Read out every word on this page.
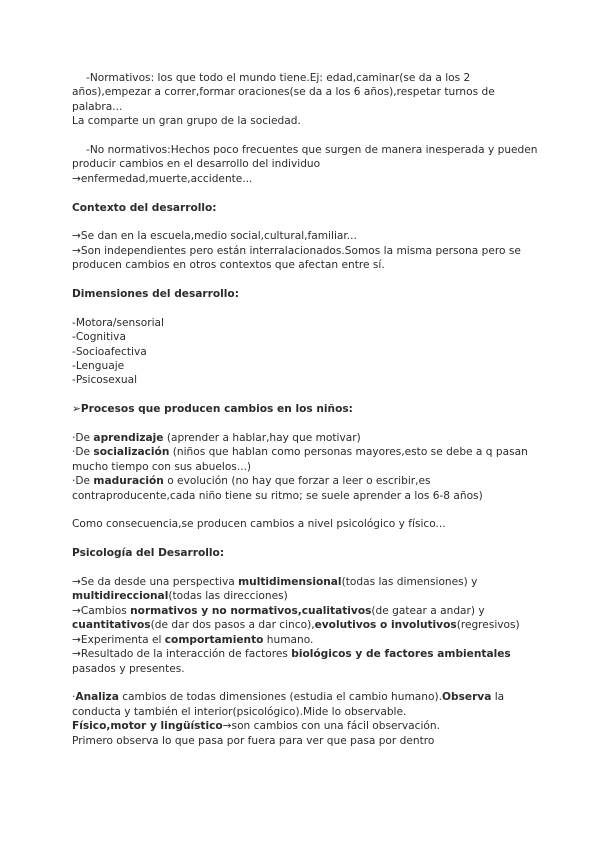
-Normativos: los que todo el mundo tiene.Ej: edad,caminar(se da a los 2 años),empezar a correr,formar oraciones(se da a los 6 años),respetar turnos de palabra...

La comparte un gran grupo de la sociedad.

-No normativos:Hechos poco frecuentes que surgen de manera inesperada y pueden producir cambios en el desarrollo del individuo

→enfermedad,muerte,accidente...

Contexto del desarrollo:

→Se dan en la escuela,medio social,cultural,familiar...

→Son independientes pero están interralacionados.Somos la misma persona pero se producen cambios en otros contextos que afectan entre sí.

Dimensiones del desarrollo:

-Motora/sensorial

-Cognitiva

-Socioafectiva

-Lenguaje

-Psicosexual

➢Procesos que producen cambios en los niños:

·De aprendizaje (aprender a hablar,hay que motivar)

·De socialización (niños que hablan como personas mayores,esto se debe a q pasan mucho tiempo con sus abuelos...)

·De maduración o evolución (no hay que forzar a leer o escribir,es contraproducente,cada niño tiene su ritmo; se suele aprender a los 6-8 años)

Como consecuencia,se producen cambios a nivel psicológico y físico...

Psicología del Desarrollo:

→Se da desde una perspectiva multidimensional(todas las dimensiones) y multidireccional(todas las direcciones)

→Cambios normativos y no normativos,cualitativos(de gatear a andar) y cuantitativos(de dar dos pasos a dar cinco),evolutivos o involutivos(regresivos)

→Experimenta el comportamiento humano.

→Resultado de la interacción de factores biológicos y de factores ambientales pasados y presentes.

·Analiza cambios de todas dimensiones (estudia el cambio humano).Observa la conducta y también el interior(psicológico).Mide lo observable.

Físico,motor y lingüístico→son cambios con una fácil observación.

Primero observa lo que pasa por fuera para ver que pasa por dentro
